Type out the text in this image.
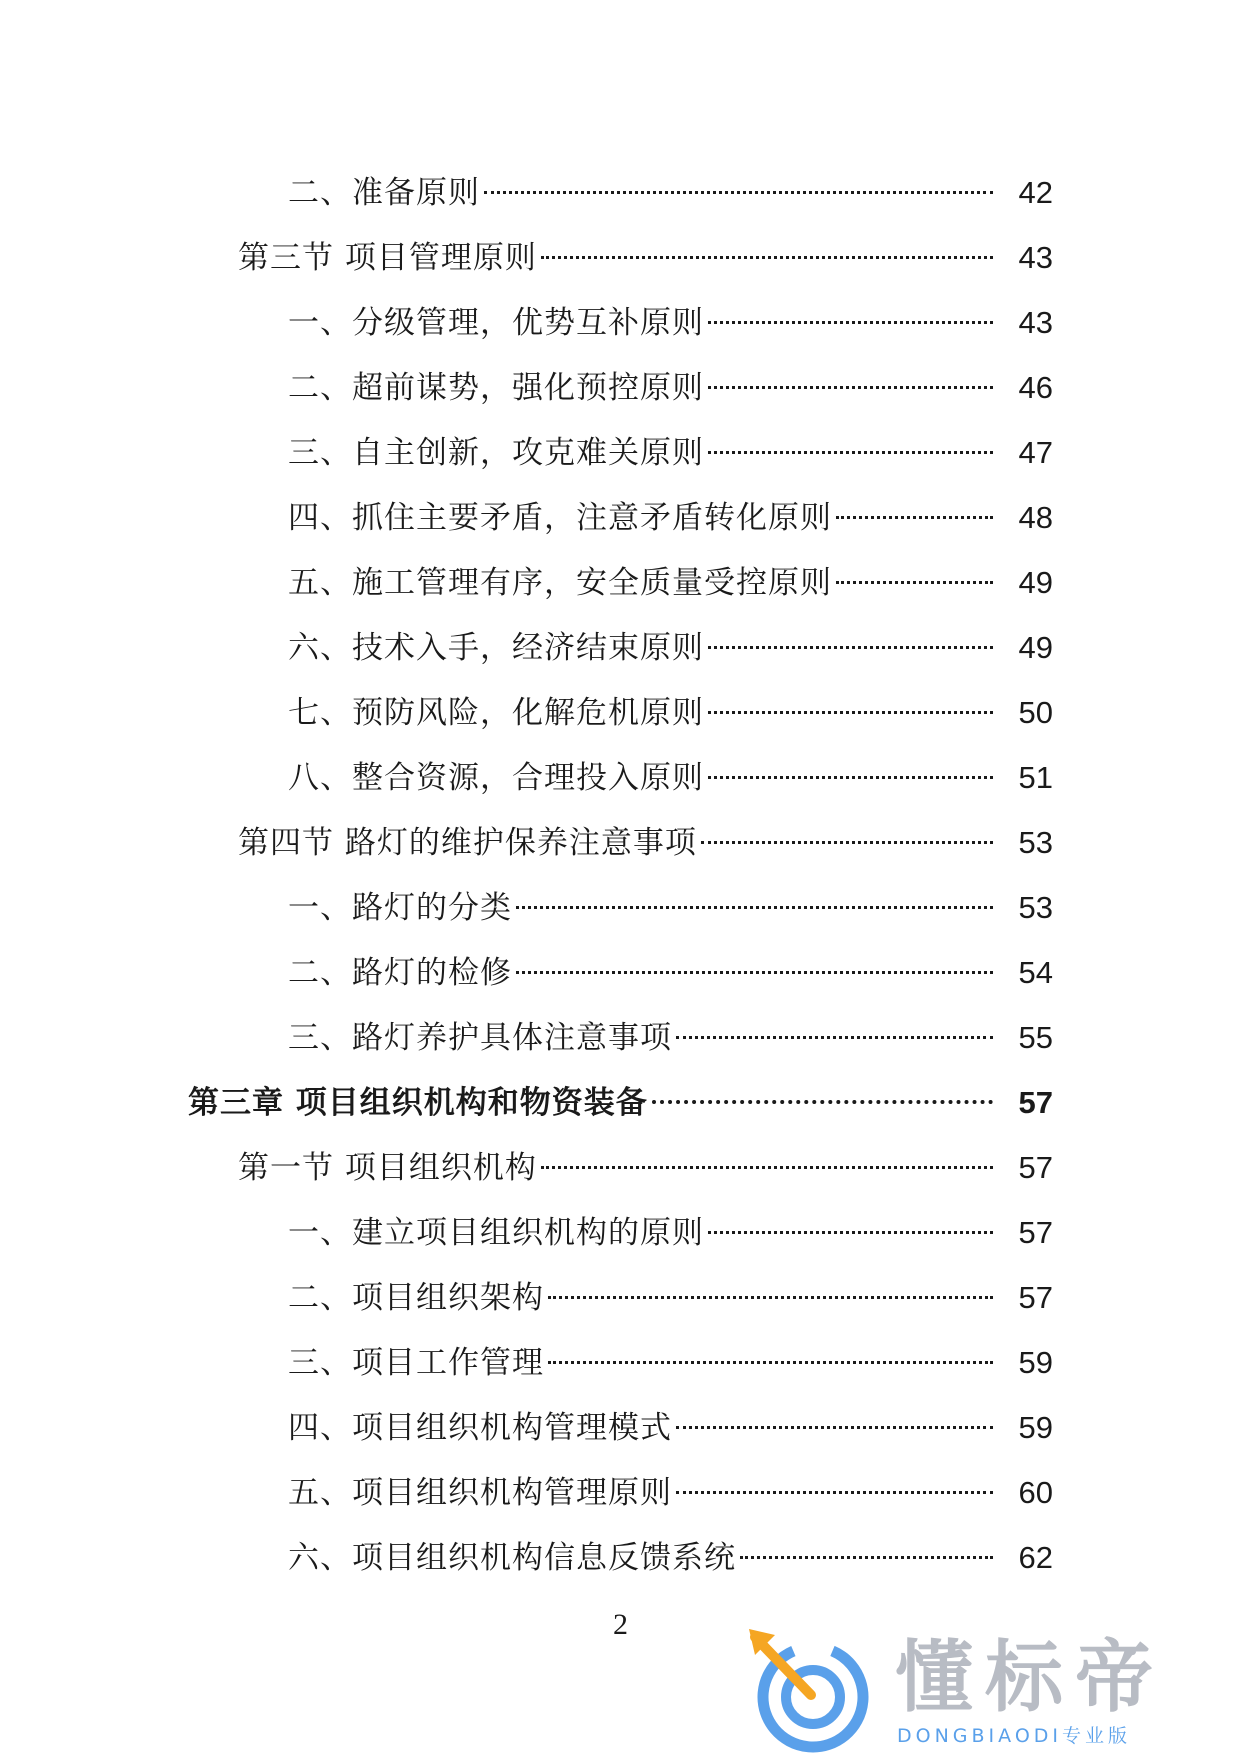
二、准备原则	42
第三节 项目管理原则	43
一、分级管理，优势互补原则	43
二、超前谋势，强化预控原则	46
三、自主创新，攻克难关原则	47
四、抓住主要矛盾，注意矛盾转化原则	48
五、施工管理有序，安全质量受控原则	49
六、技术入手，经济结束原则	49
七、预防风险，化解危机原则	50
八、整合资源，合理投入原则	51
第四节 路灯的维护保养注意事项	53
一、路灯的分类	53
二、路灯的检修	54
三、路灯养护具体注意事项	55
第三章 项目组织机构和物资装备	57
第一节 项目组织机构	57
一、建立项目组织机构的原则	57
二、项目组织架构	57
三、项目工作管理	59
四、项目组织机构管理模式	59
五、项目组织机构管理原则	60
六、项目组织机构信息反馈系统	62
2
懂标帝
DONGBIAODI专业版
